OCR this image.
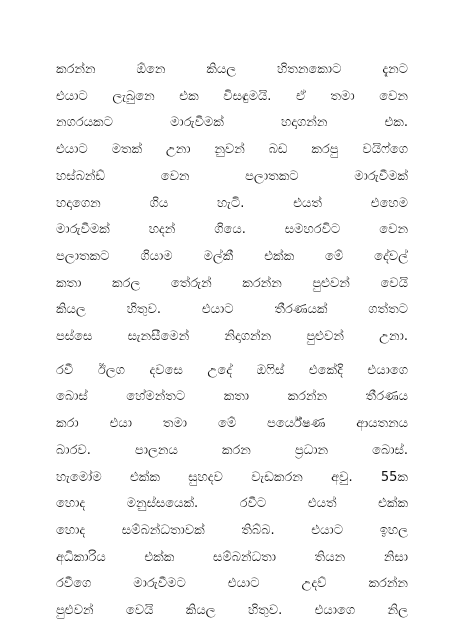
කරන්න ඕනෙ කියල හිතනකොට දැනට
එයාට ලැබුනෙ එක විසඳුමයි. ඒ තමා වෙන
නගරයකට මාරුවීමක් හදාගන්න එක.
එයාට මතක් උනා නුවන් බඩ කරපු වයිෆ්ගෙ
හස්බන්ඩ් වෙන පලාතකට මාරුවීමක්
හදාගෙන ගිය හැටි. එයත් එහෙම
මාරුවීමක් හදන් ගියෙ. සමහරවිට වෙන
පලාතකට ගියාම මල්කී එක්ක මේ දේවල්
කතා කරල තේරුන් කරන්න පුළුවන් වෙයි
කියල හිතුව. එයාට තීරණයක් ගත්තට
පස්සෙ සැනසීමෙන් නිදාගන්න පුළුවන් උනා.

රවී ඊලග දවසෙ උදේ ඔෆිස් එකේදි එයාගෙ
බොස් හේමන්තට කතා කරන්න තීරණය
කරා එයා තමා මේ පර්යේෂණ ආයතනය
බාරව. පාලනය කරන ප්‍රධාන බොස්.
හැමෝම එක්ක සුහදව වැඩකරන අවු. 55ක
හොද මනුස්සයෙක්. රවීට එයත් එක්ක
හොද සම්බන්ධතාවක් තිබ්බ. එයාට ඉහල
අධිකාරිය එක්ක සම්බන්ධතා තියන නිසා
රවීගෙ මාරුවීමට එයාට උදව් කරන්න
පුළුවන් වෙයි කියල හිතුව. එයාගෙ නිල
